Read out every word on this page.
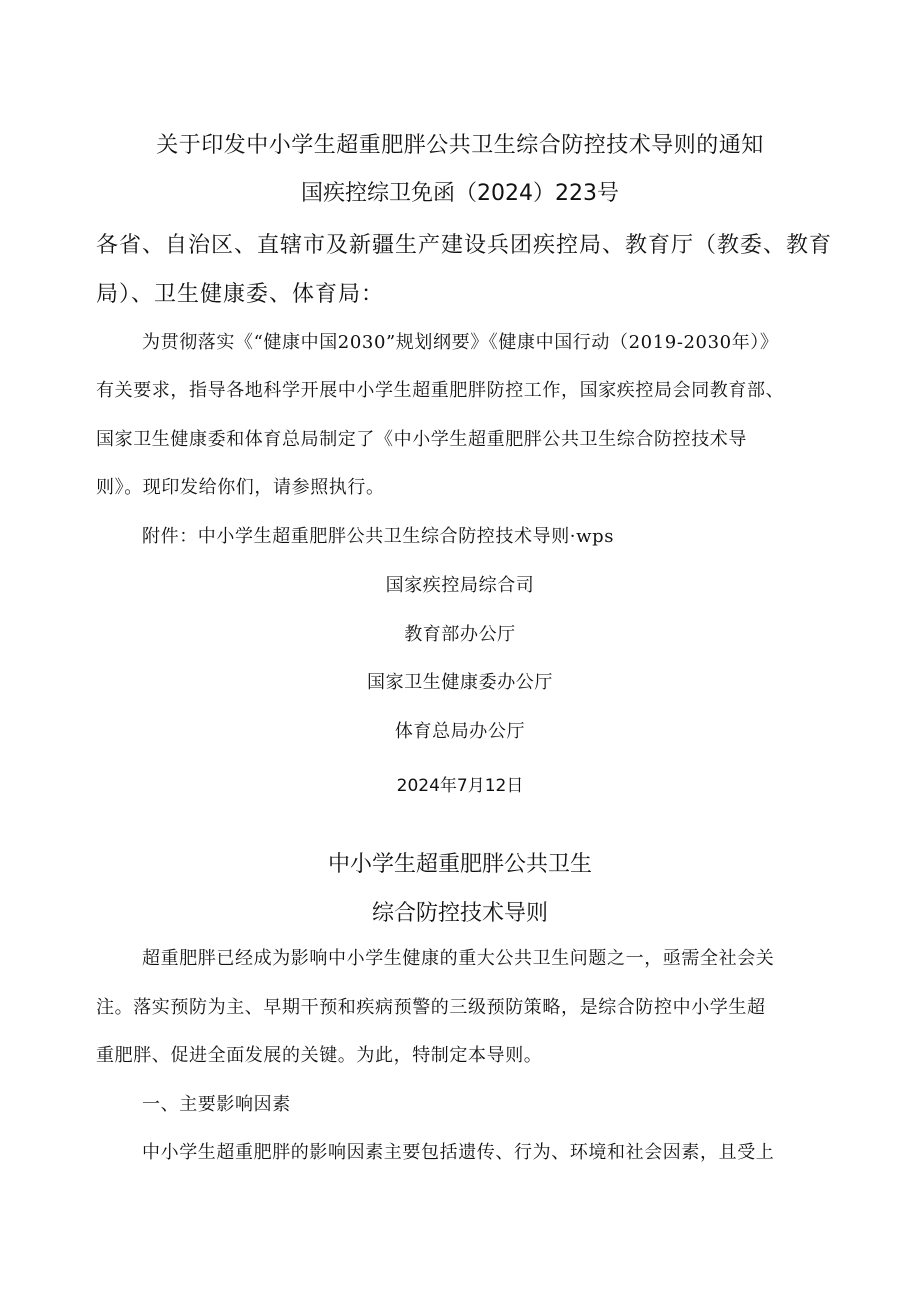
关于印发中小学生超重肥胖公共卫生综合防控技术导则的通知

国疾控综卫免函（2024）223号

各省、自治区、直辖市及新疆生产建设兵团疾控局、教育厅（教委、教育

局）、卫生健康委、体育局：

为贯彻落实《“健康中国2030”规划纲要》《健康中国行动（2019-2030年）》

有关要求，指导各地科学开展中小学生超重肥胖防控工作，国家疾控局会同教育部、

国家卫生健康委和体育总局制定了《中小学生超重肥胖公共卫生综合防控技术导

则》。现印发给你们，请参照执行。

附件：中小学生超重肥胖公共卫生综合防控技术导则·wps

国家疾控局综合司

教育部办公厅

国家卫生健康委办公厅

体育总局办公厅

2024年7月12日

中小学生超重肥胖公共卫生

综合防控技术导则

超重肥胖已经成为影响中小学生健康的重大公共卫生问题之一，亟需全社会关

注。落实预防为主、早期干预和疾病预警的三级预防策略，是综合防控中小学生超

重肥胖、促进全面发展的关键。为此，特制定本导则。

一、主要影响因素

中小学生超重肥胖的影响因素主要包括遗传、行为、环境和社会因素，且受上
